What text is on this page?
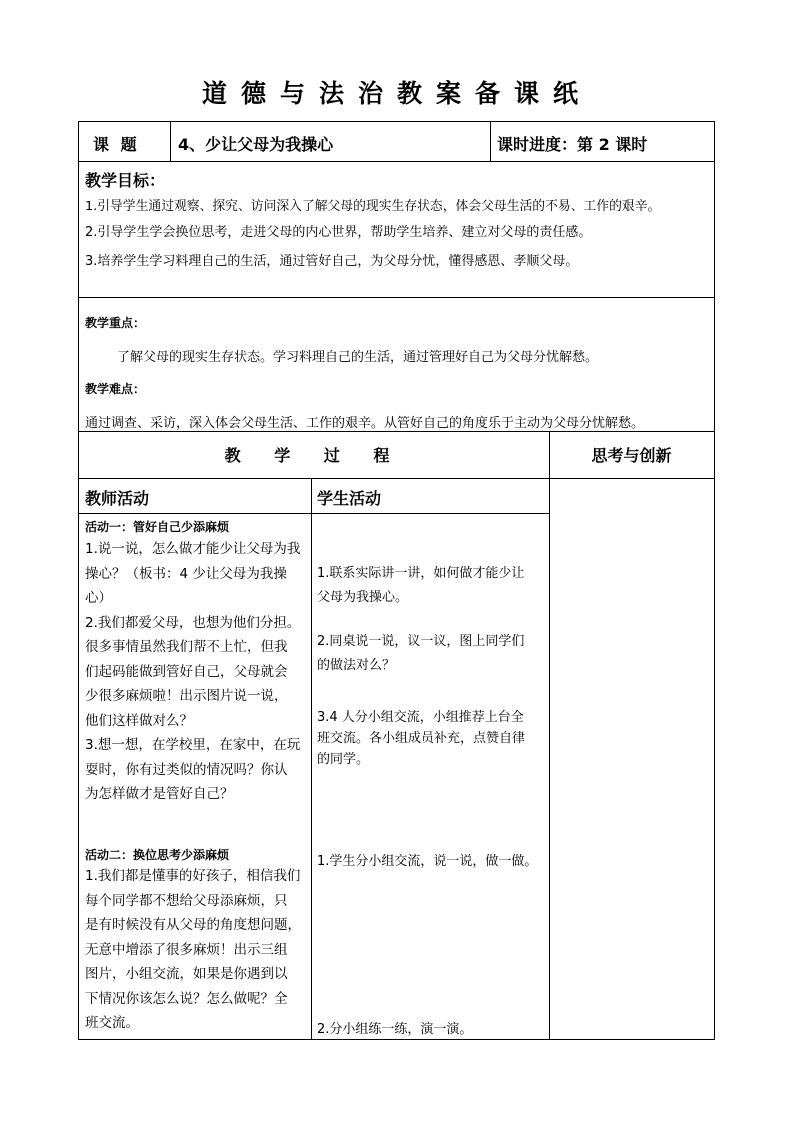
道德与法治教案备课纸
课 题 4、少让父母为我操心	课时进度：第 2 课时
教学目标：
1.引导学生通过观察、探究、访问深入了解父母的现实生存状态，体会父母生活的不易、工作的艰辛。
2.引导学生学会换位思考，走进父母的内心世界，帮助学生培养、建立对父母的责任感。
3.培养学生学习料理自己的生活，通过管好自己，为父母分忧，懂得感恩、孝顺父母。
教学重点：
了解父母的现实生存状态。学习料理自己的生活，通过管理好自己为父母分忧解愁。
教学难点：
通过调查、采访，深入体会父母生活、工作的艰辛。从管好自己的角度乐于主动为父母分忧解愁。
教 学 过 程	思考与创新
教师活动	学生活动
活动一：管好自己少添麻烦
1.说一说，怎么做才能少让父母为我
操心？（板书：4 少让父母为我操
心）
2.我们都爱父母，也想为他们分担。
很多事情虽然我们帮不上忙，但我
们起码能做到管好自己，父母就会
少很多麻烦啦！出示图片说一说，
他们这样做对么？
3.想一想，在学校里，在家中，在玩
耍时，你有过类似的情况吗？你认
为怎样做才是管好自己？
活动二：换位思考少添麻烦
1.我们都是懂事的好孩子，相信我们
每个同学都不想给父母添麻烦，只
是有时候没有从父母的角度想问题，
无意中增添了很多麻烦！出示三组
图片，小组交流，如果是你遇到以
下情况你该怎么说？怎么做呢？全
班交流。
1.联系实际讲一讲，如何做才能少让
父母为我操心。
2.同桌说一说，议一议，图上同学们
的做法对么？
3.4 人分小组交流，小组推荐上台全
班交流。各小组成员补充，点赞自律
的同学。
1.学生分小组交流，说一说，做一做。
2.分小组练一练，演一演。
